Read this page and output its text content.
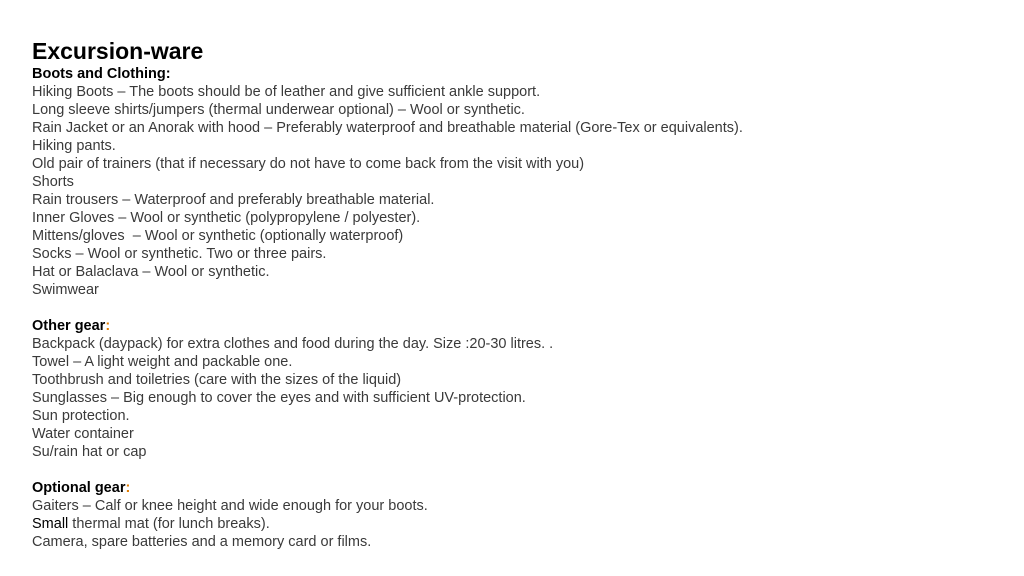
Excursion-ware

Boots and Clothing:

Hiking Boots – The boots should be of leather and give sufficient ankle support.
Long sleeve shirts/jumpers (thermal underwear optional) – Wool or synthetic.
Rain Jacket or an Anorak with hood – Preferably waterproof and breathable material (Gore-Tex or equivalents).
Hiking pants.
Old pair of trainers (that if necessary do not have to come back from the visit with you)
Shorts
Rain trousers – Waterproof and preferably breathable material.
Inner Gloves – Wool or synthetic (polypropylene / polyester).
Mittens/gloves  – Wool or synthetic (optionally waterproof)
Socks – Wool or synthetic. Two or three pairs.
Hat or Balaclava – Wool or synthetic.
Swimwear

Other gear:

Backpack (daypack) for extra clothes and food during the day. Size :20-30 litres. .
Towel – A light weight and packable one.
Toothbrush and toiletries (care with the sizes of the liquid)
Sunglasses – Big enough to cover the eyes and with sufficient UV-protection.
Sun protection.
Water container
Su/rain hat or cap

Optional gear:

Gaiters – Calf or knee height and wide enough for your boots.
Small thermal mat (for lunch breaks).
Camera, spare batteries and a memory card or films.
